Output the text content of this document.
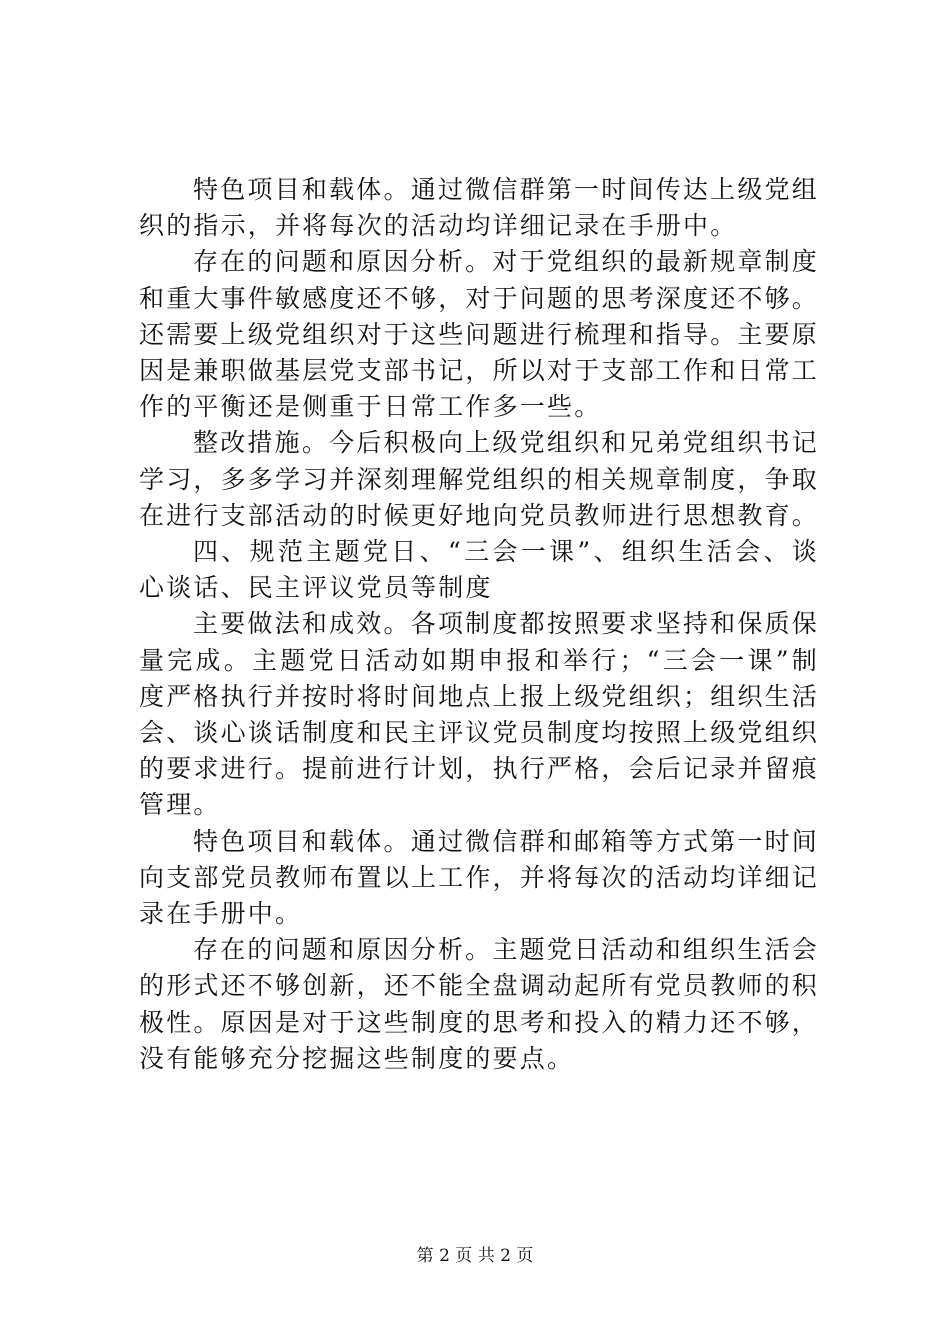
特色项目和载体。通过微信群第一时间传达上级党组织的指示，并将每次的活动均详细记录在手册中。

存在的问题和原因分析。对于党组织的最新规章制度和重大事件敏感度还不够，对于问题的思考深度还不够。还需要上级党组织对于这些问题进行梳理和指导。主要原因是兼职做基层党支部书记，所以对于支部工作和日常工作的平衡还是侧重于日常工作多一些。

整改措施。今后积极向上级党组织和兄弟党组织书记学习，多多学习并深刻理解党组织的相关规章制度，争取在进行支部活动的时候更好地向党员教师进行思想教育。

四、规范主题党日、“三会一课”、组织生活会、谈心谈话、民主评议党员等制度

主要做法和成效。各项制度都按照要求坚持和保质保量完成。主题党日活动如期申报和举行；“三会一课”制度严格执行并按时将时间地点上报上级党组织；组织生活会、谈心谈话制度和民主评议党员制度均按照上级党组织的要求进行。提前进行计划，执行严格，会后记录并留痕管理。

特色项目和载体。通过微信群和邮箱等方式第一时间向支部党员教师布置以上工作，并将每次的活动均详细记录在手册中。

存在的问题和原因分析。主题党日活动和组织生活会的形式还不够创新，还不能全盘调动起所有党员教师的积极性。原因是对于这些制度的思考和投入的精力还不够，没有能够充分挖掘这些制度的要点。

第 2 页 共 2 页
